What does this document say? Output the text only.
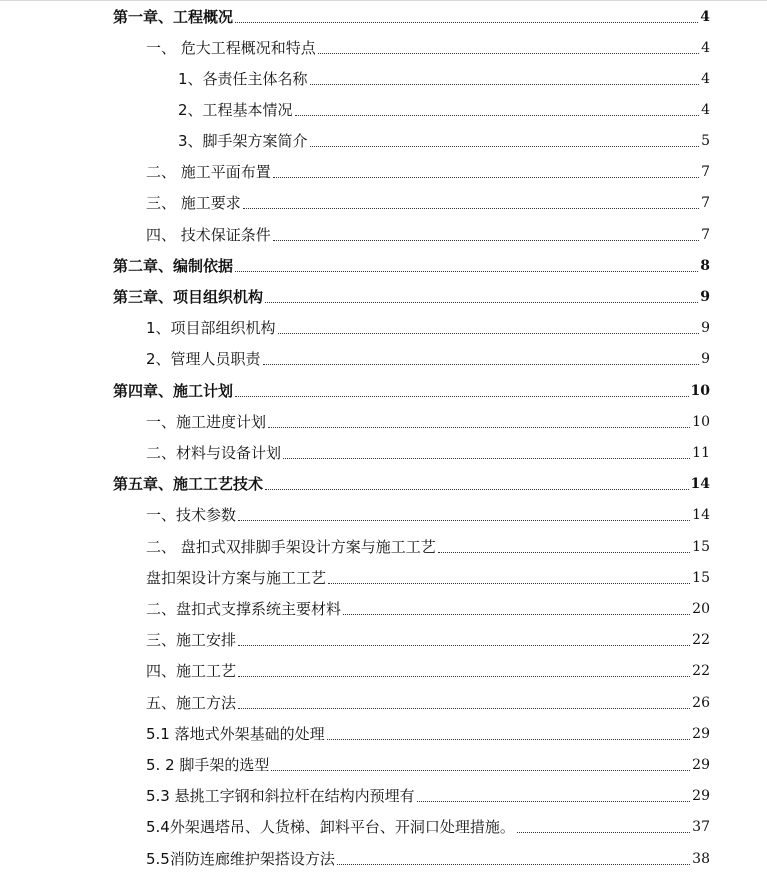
第一章、工程概况	4
一、 危大工程概况和特点	4
1、各责任主体名称	4
2、工程基本情况	4
3、脚手架方案简介	5
二、 施工平面布置	7
三、 施工要求	7
四、 技术保证条件	7
第二章、编制依据	8
第三章、项目组织机构	9
1、项目部组织机构	9
2、管理人员职责	9
第四章、施工计划	10
一、施工进度计划	10
二、材料与设备计划	11
第五章、施工工艺技术	14
一、技术参数	14
二、 盘扣式双排脚手架设计方案与施工工艺	15
盘扣架设计方案与施工工艺	15
二、盘扣式支撑系统主要材料	20
三、施工安排	22
四、施工工艺	22
五、施工方法	26
5.1 落地式外架基础的处理	29
5. 2 脚手架的选型	29
5.3 悬挑工字钢和斜拉杆在结构内预埋有	29
5.4外架遇塔吊、人货梯、卸料平台、开洞口处理措施。	37
5.5消防连廊维护架搭设方法	38
